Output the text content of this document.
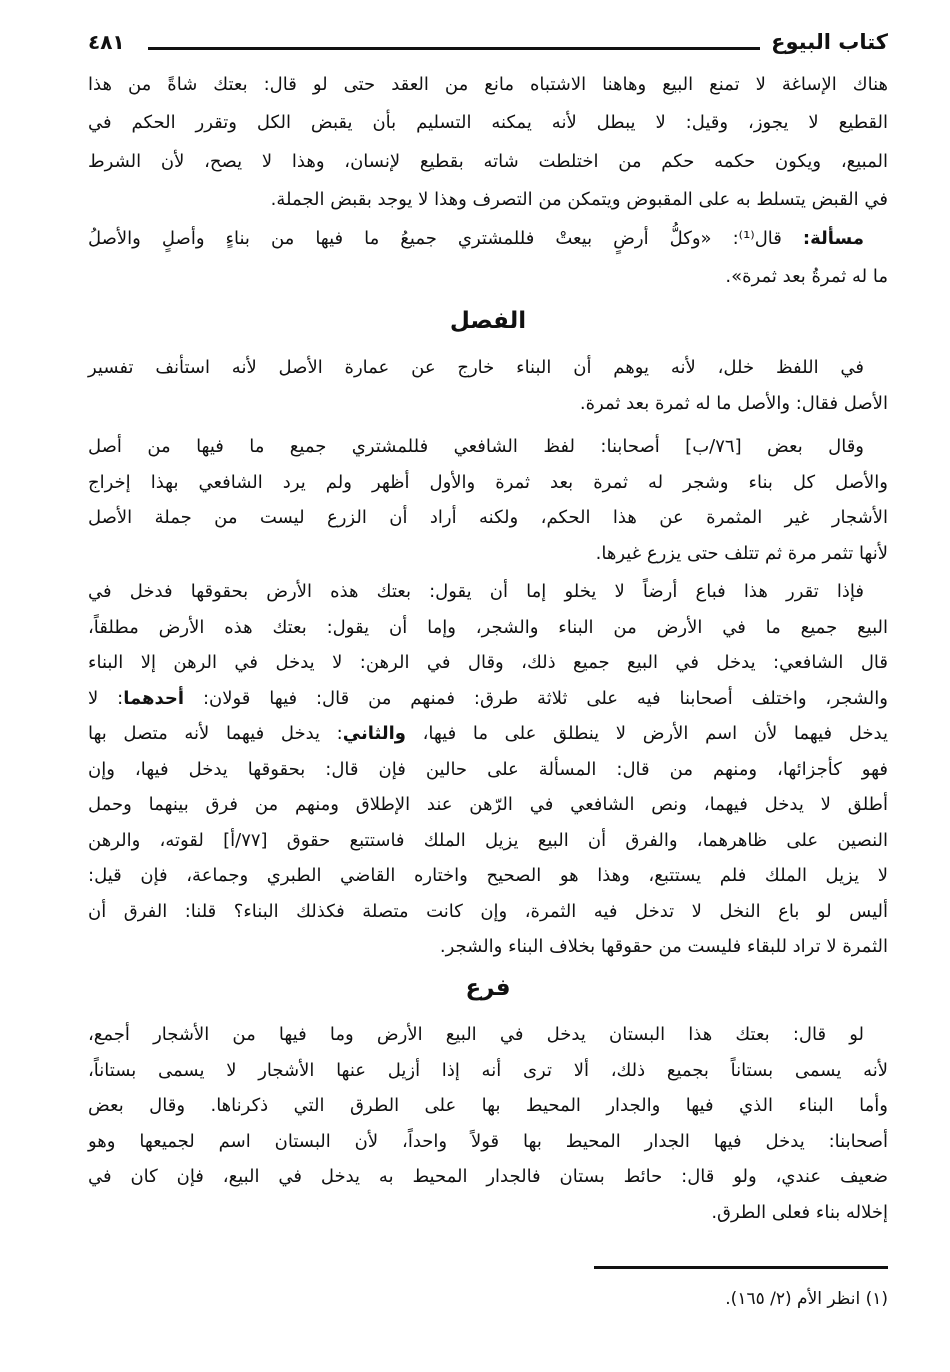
كتاب البيوع
٤٨١
هناك الإساغة لا تمنع البيع وهاهنا الاشتباه مانع من العقد حتى لو قال: بعتك شاةً من هذا
القطيع لا يجوز، وقيل: لا يبطل لأنه يمكنه التسليم بأن يقبض الكل وتقرر الحكم في
المبيع، ويكون حكمه حكم من اختلطت شاته بقطيع لإنسان، وهذا لا يصح، لأن الشرط
في القبض يتسلط به على المقبوض ويتمكن من التصرف وهذا لا يوجد بقبض الجملة.
مسألة: قال⁽¹⁾: «وكلُّ أرضٍ بيعتْ فللمشتري جميعُ ما فيها من بناءٍ وأصلٍ والأصلُ
ما له ثمرةُ بعد ثمرة».
الفصل
في اللفظ خلل، لأنه يوهم أن البناء خارج عن عمارة الأصل لأنه استأنف تفسير
الأصل فقال: والأصل ما له ثمرة بعد ثمرة.
وقال بعض [٧٦/ب] أصحابنا: لفظ الشافعي فللمشتري جميع ما فيها من أصل
والأصل كل بناء وشجر له ثمرة بعد ثمرة والأول أظهر ولم يرد الشافعي بهذا إخراج
الأشجار غير المثمرة عن هذا الحكم، ولكنه أراد أن الزرع ليست من جملة الأصل
لأنها تثمر مرة ثم تتلف حتى يزرع غيرها.
فإذا تقرر هذا فباع أرضاً لا يخلو إما أن يقول: بعتك هذه الأرض بحقوقها فدخل في
البيع جميع ما في الأرض من البناء والشجر، وإما أن يقول: بعتك هذه الأرض مطلقاً،
قال الشافعي: يدخل في البيع جميع ذلك، وقال في الرهن: لا يدخل في الرهن إلا البناء
والشجر، واختلف أصحابنا فيه على ثلاثة طرق: فمنهم من قال: فيها قولان: أحدهما: لا
يدخل فيهما لأن اسم الأرض لا ينطلق على ما فيها، والثاني: يدخل فيهما لأنه متصل بها
فهو كأجزائها، ومنهم من قال: المسألة على حالين فإن قال: بحقوقها يدخل فيها، وإن
أطلق لا يدخل فيهما، ونص الشافعي في الرّهن عند الإطلاق ومنهم من فرق بينهما وحمل
النصين على ظاهرهما، والفرق أن البيع يزيل الملك فاستتبع حقوق [٧٧/أ] لقوته، والرهن
لا يزيل الملك فلم يستتبع، وهذا هو الصحيح واختاره القاضي الطبري وجماعة، فإن قيل:
أليس لو باع النخل لا تدخل فيه الثمرة، وإن كانت متصلة فكذلك البناء؟ قلنا: الفرق أن
الثمرة لا تراد للبقاء فليست من حقوقها بخلاف البناء والشجر.
فرع
لو قال: بعتك هذا البستان يدخل في البيع الأرض وما فيها من الأشجار أجمع،
لأنه يسمى بستاناً بجميع ذلك، ألا ترى أنه إذا أزيل عنها الأشجار لا يسمى بستاناً،
وأما البناء الذي فيها والجدار المحيط بها على الطرق التي ذكرناها. وقال بعض
أصحابنا: يدخل فيها الجدار المحيط بها قولاً واحداً، لأن البستان اسم لجميعها وهو
ضعيف عندي، ولو قال: حائط بستان فالجدار المحيط به يدخل في البيع، فإن كان في
إخلاله بناء فعلى الطرق.
(١) انظر الأم (٢/ ١٦٥).
